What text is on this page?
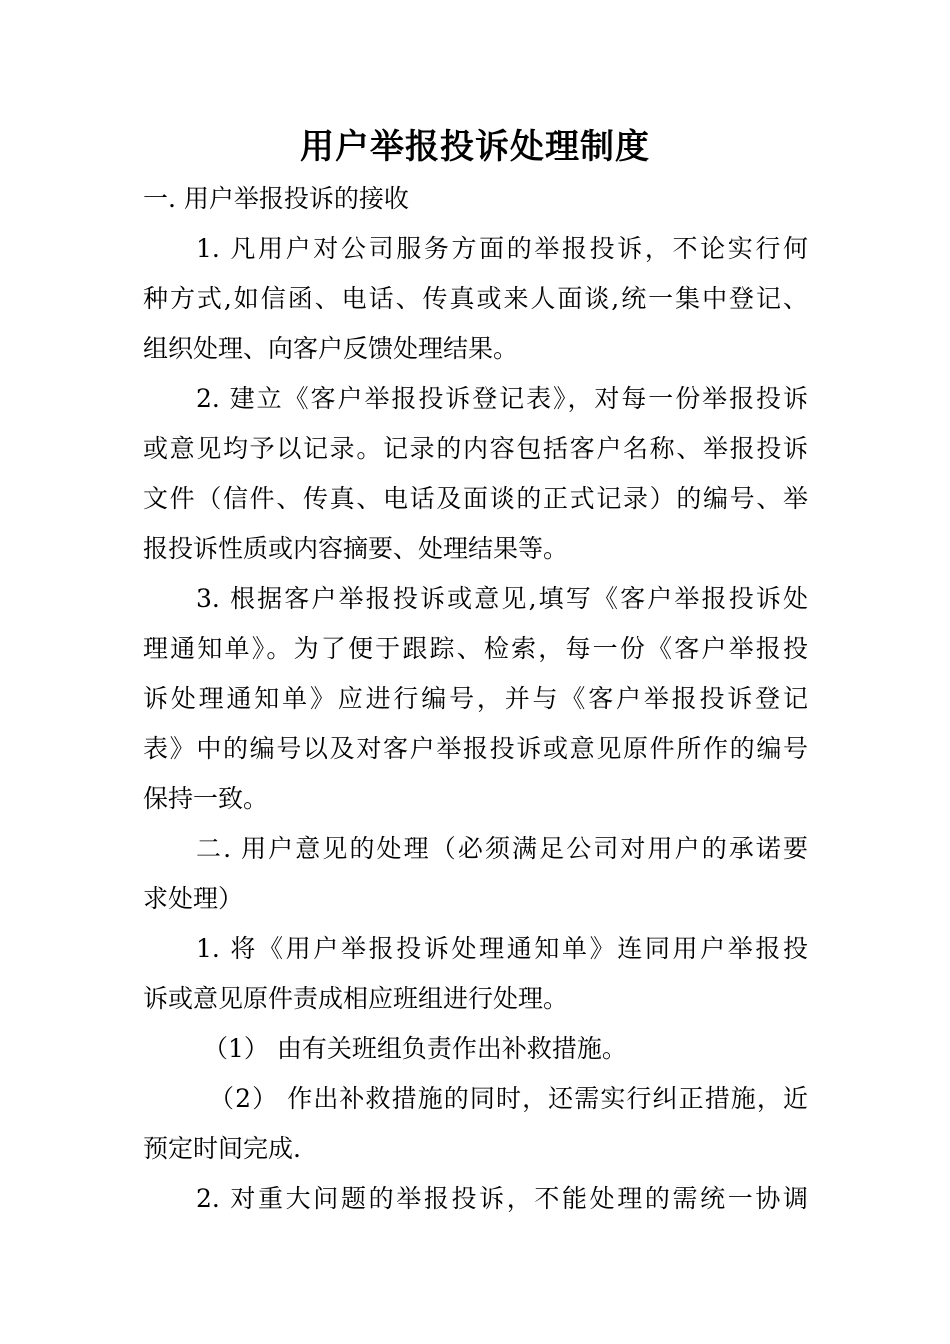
用户举报投诉处理制度
一. 用户举报投诉的接收
1. 凡用户对公司服务方面的举报投诉，不论实行何
种方式,如信函、电话、传真或来人面谈,统一集中登记、
组织处理、向客户反馈处理结果。
2. 建立《客户举报投诉登记表》，对每一份举报投诉
或意见均予以记录。记录的内容包括客户名称、举报投诉
文件（信件、传真、电话及面谈的正式记录）的编号、举
报投诉性质或内容摘要、处理结果等。
3. 根据客户举报投诉或意见,填写《客户举报投诉处
理通知单》。为了便于跟踪、检索，每一份《客户举报投
诉处理通知单》应进行编号，并与《客户举报投诉登记
表》中的编号以及对客户举报投诉或意见原件所作的编号
保持一致。
二. 用户意见的处理（必须满足公司对用户的承诺要
求处理）
1. 将《用户举报投诉处理通知单》连同用户举报投
诉或意见原件责成相应班组进行处理。
（1） 由有关班组负责作出补救措施。
（2） 作出补救措施的同时，还需实行纠正措施，近
预定时间完成.
2. 对重大问题的举报投诉，不能处理的需统一协调
